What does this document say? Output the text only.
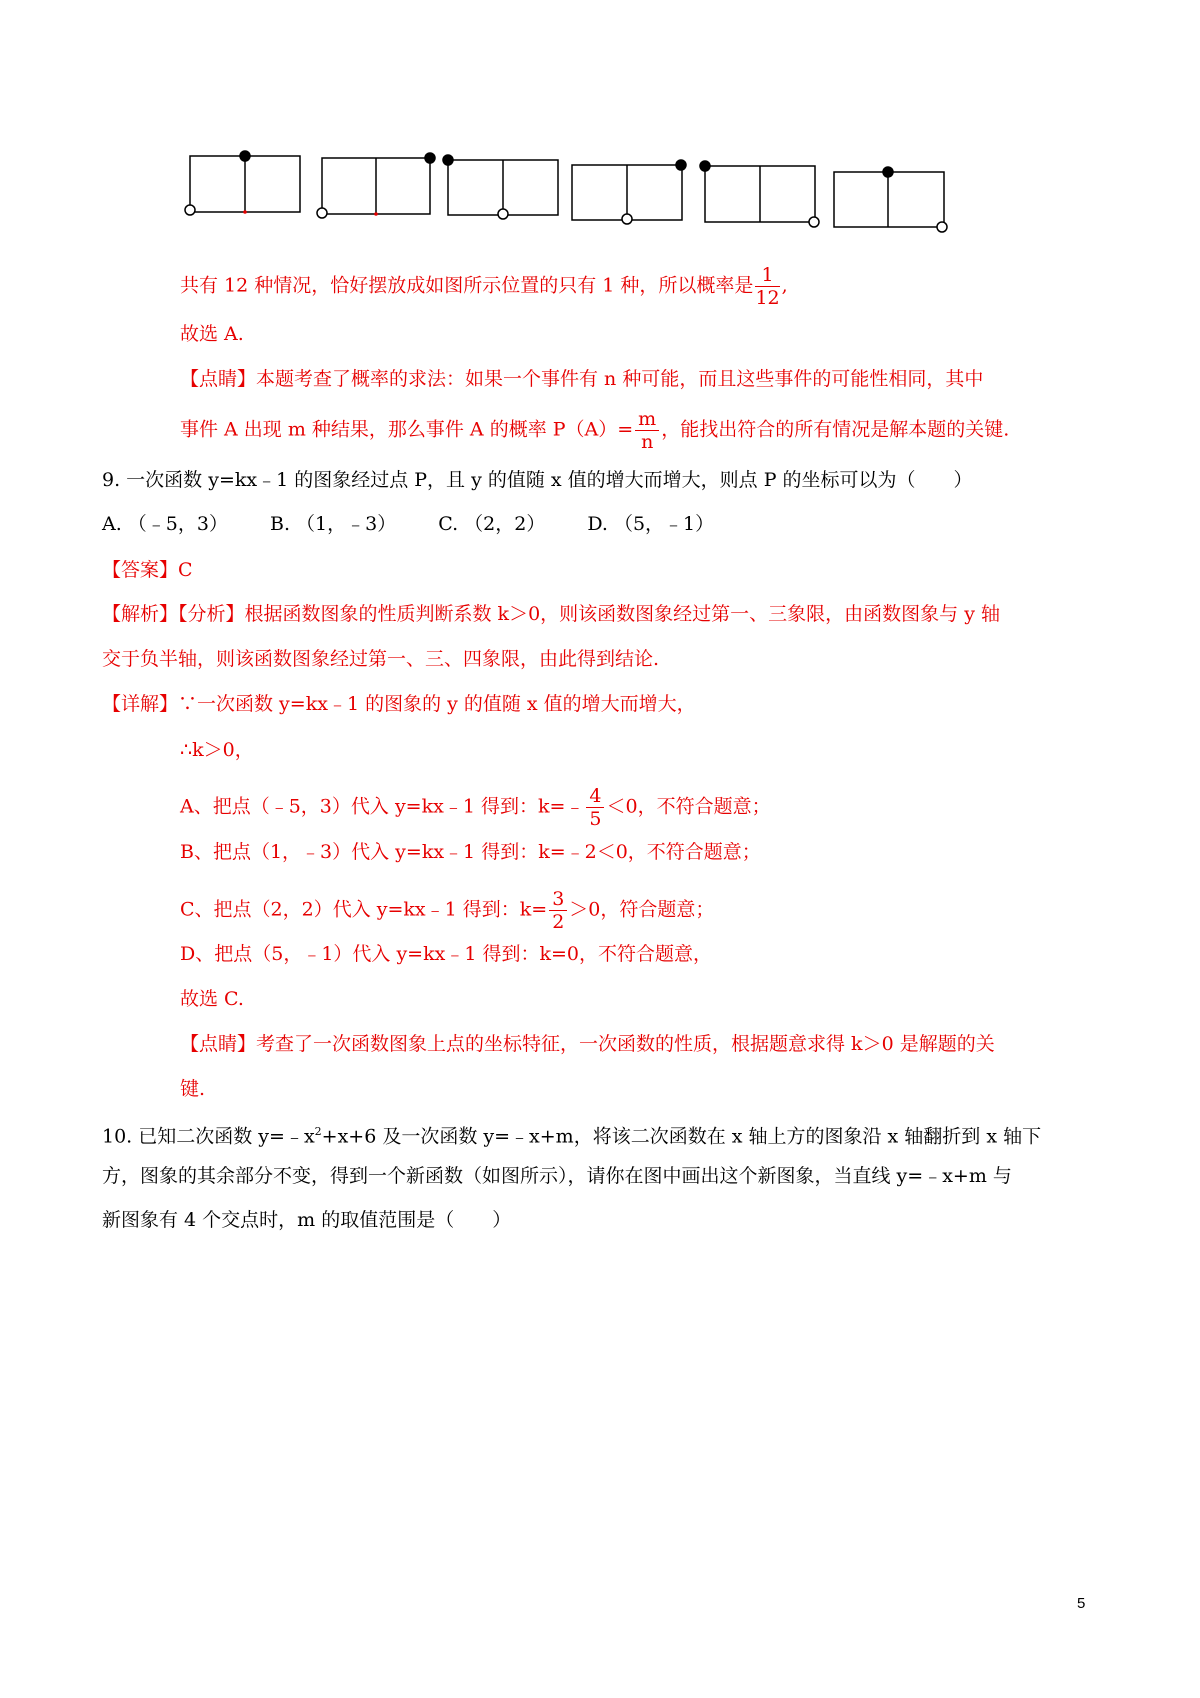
共有 12 种情况，恰好摆放成如图所示位置的只有 1 种，所以概率是 $\frac{1}{12}$ ,
故选 A.
【点睛】本题考查了概率的求法：如果一个事件有 n 种可能，而且这些事件的可能性相同，其中
事件 A 出现 m 种结果，那么事件 A 的概率 $P(A)= \frac{m}{n}$ ，能找出符合的所有情况是解本题的关键.
9. 一次函数 y=kx﹣1 的图象经过点 P，且 y 的值随 x 值的增大而增大，则点 P 的坐标可以为（　　）
A. （﹣5，3） B. （1，﹣3） C. （2，2） D. （5，﹣1）
【答案】C
【解析】【分析】根据函数图象的性质判断系数 k＞0，则该函数图象经过第一、三象限，由函数图象与 y 轴
交于负半轴，则该函数图象经过第一、三、四象限，由此得到结论.
【详解】∵一次函数 y=kx﹣1 的图象的 y 的值随 x 值的增大而增大，
∴k＞0，
A、把点（﹣5，3）代入 y=kx﹣1 得到：k=﹣ $\frac{4}{5} <0$，不符合题意；
B、把点（1，﹣3）代入 y=kx﹣1 得到：k=﹣2＜0，不符合题意；
C、把点（2，2）代入 y=kx﹣1 得到：$k= \frac{3}{2} >0$，符合题意；
D、把点（5，﹣1）代入 y=kx﹣1 得到：k=0，不符合题意，
故选 C.
【点睛】考查了一次函数图象上点的坐标特征，一次函数的性质，根据题意求得 k＞0 是解题的关
键.
10. 已知二次函数 $y=﹣x^2+x+6$ 及一次函数 y=﹣x+m，将该二次函数在 x 轴上方的图象沿 x 轴翻折到 x 轴下
方，图象的其余部分不变，得到一个新函数（如图所示），请你在图中画出这个新图象，当直线 y=﹣x+m 与
新图象有 4 个交点时，m 的取值范围是（　　）
5
